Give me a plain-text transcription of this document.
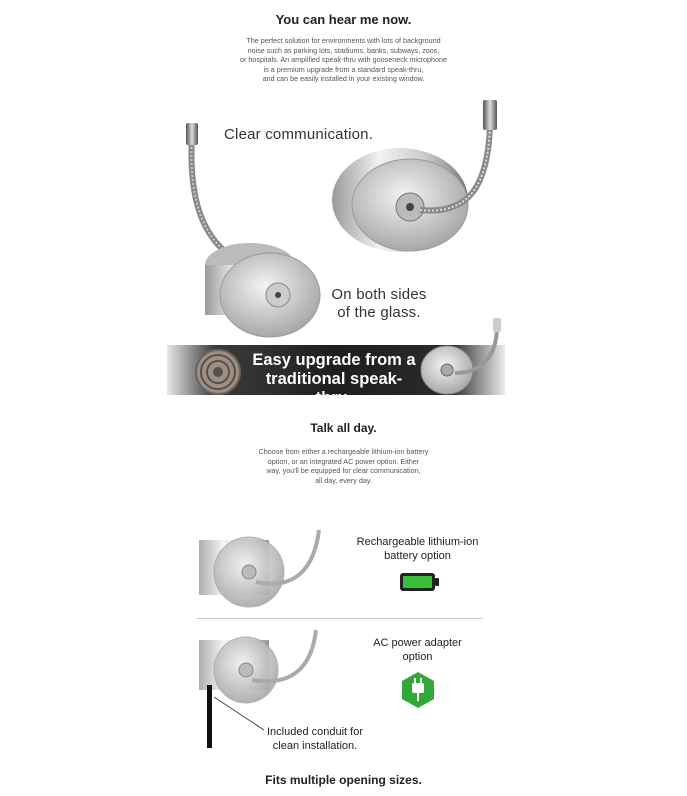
You can hear me now.
The perfect solution for environments with lots of background
noise such as parking lots, stadiums, banks, subways, zoos,
or hospitals. An amplified speak-thru with gooseneck microphone
is a premium upgrade from a standard speak-thru,
and can be easily installed in your existing window.
Clear communication.
On both sides
of the glass.
Easy upgrade from a
traditional speak-thru.
Talk all day.
Choose from either a rechargeable lithium-ion battery
option, or an integrated AC power option. Either
way, you'll be equipped for clear communication,
all day, every day.
Rechargeable lithium-ion
battery option
AC power adapter
option
Included conduit for
clean installation.
Fits multiple opening sizes.
